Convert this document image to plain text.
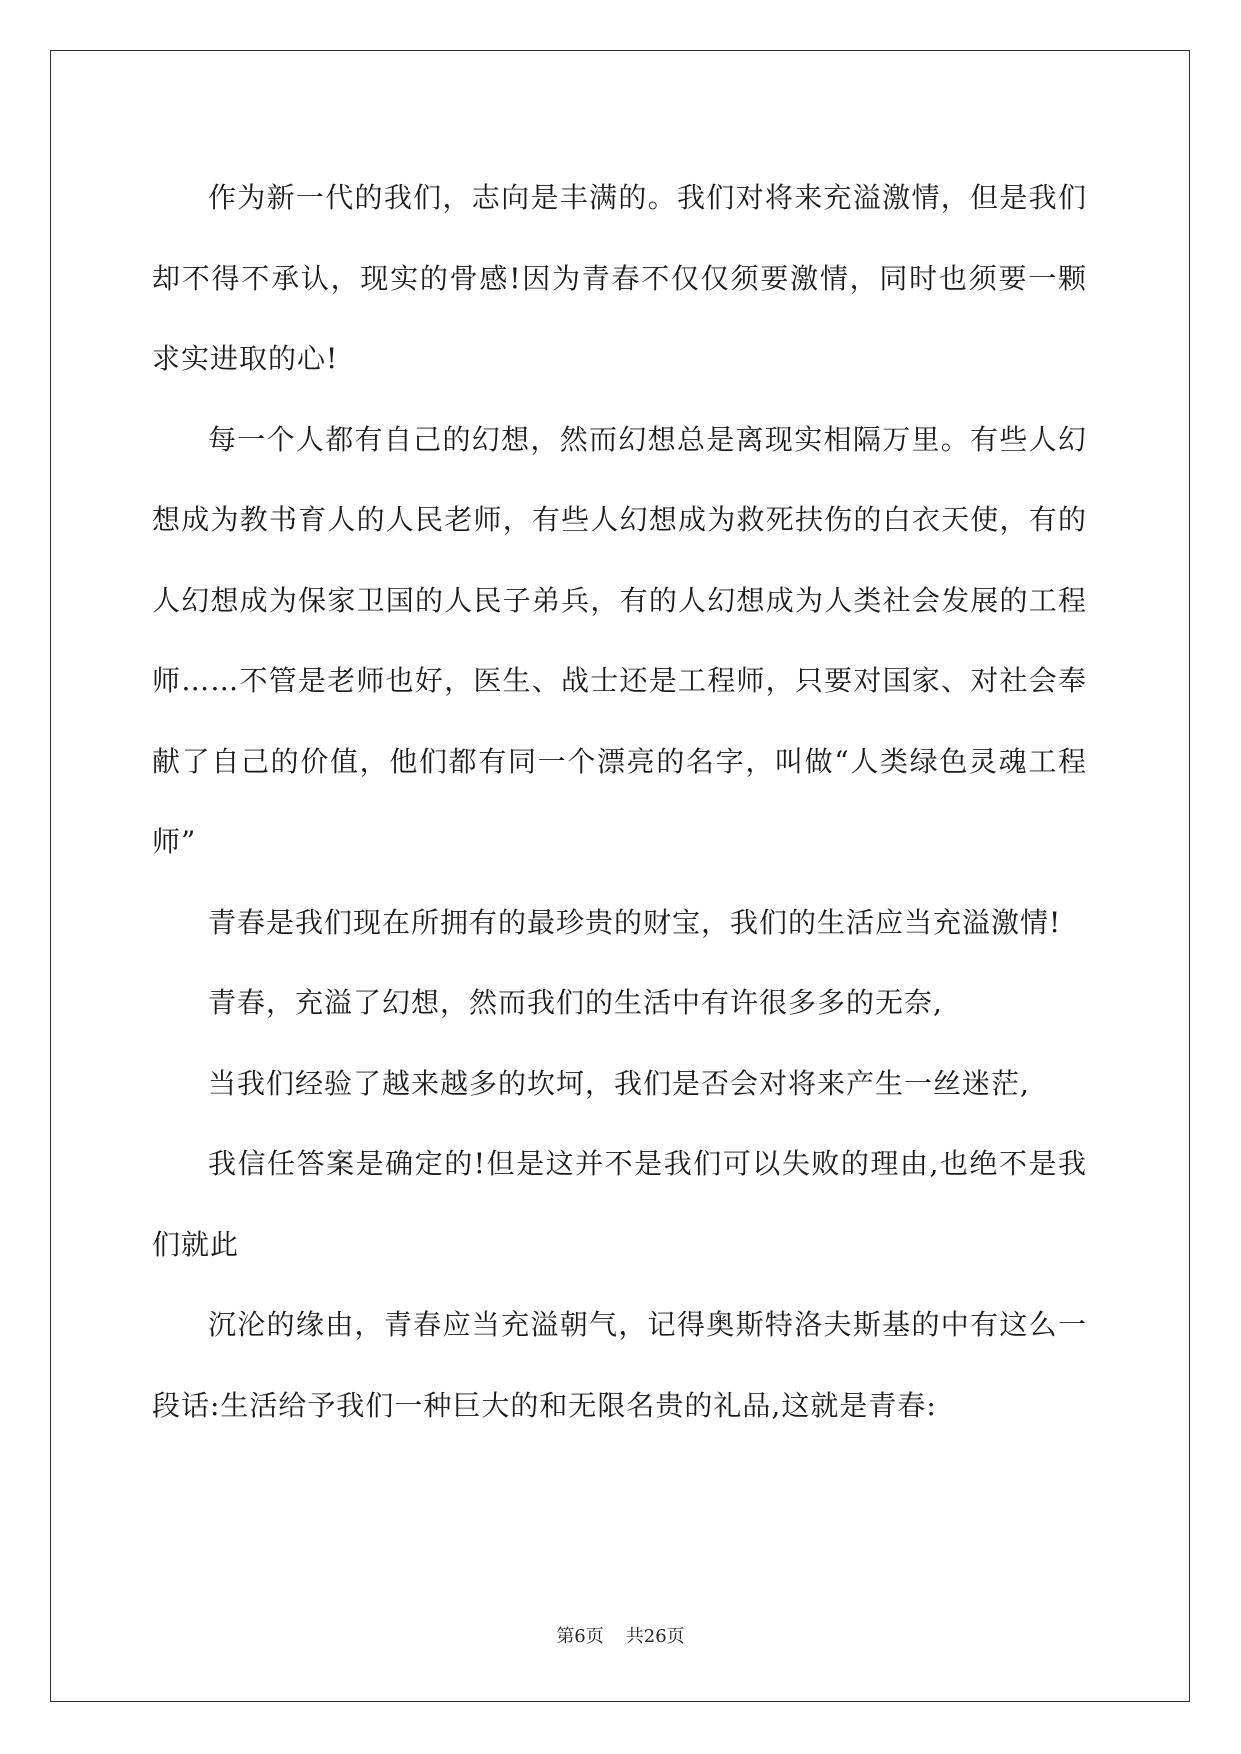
作为新一代的我们，志向是丰满的。我们对将来充溢激情，但是我们却不得不承认，现实的骨感!因为青春不仅仅须要激情，同时也须要一颗求实进取的心!

每一个人都有自己的幻想，然而幻想总是离现实相隔万里。有些人幻想成为教书育人的人民老师，有些人幻想成为救死扶伤的白衣天使，有的人幻想成为保家卫国的人民子弟兵，有的人幻想成为人类社会发展的工程师……不管是老师也好，医生、战士还是工程师，只要对国家、对社会奉献了自己的价值，他们都有同一个漂亮的名字，叫做“人类绿色灵魂工程师”

青春是我们现在所拥有的最珍贵的财宝，我们的生活应当充溢激情!

青春，充溢了幻想，然而我们的生活中有许很多多的无奈,

当我们经验了越来越多的坎坷，我们是否会对将来产生一丝迷茫,

我信任答案是确定的!但是这并不是我们可以失败的理由,也绝不是我们就此

沉沦的缘由，青春应当充溢朝气，记得奥斯特洛夫斯基的中有这么一段话:生活给予我们一种巨大的和无限名贵的礼品,这就是青春:

第6页 共26页
